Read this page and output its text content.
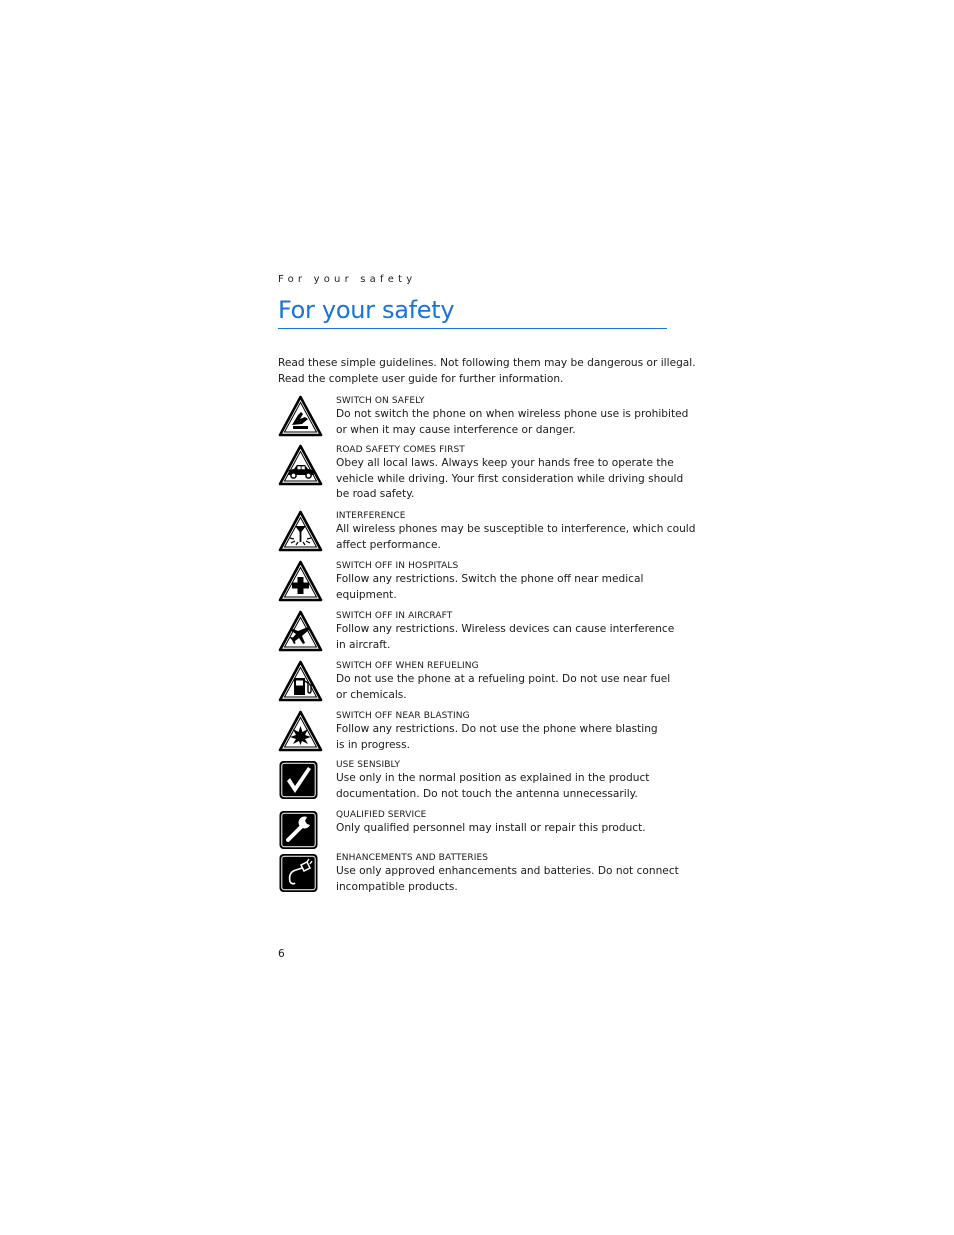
For your safety
For your safety
Read these simple guidelines. Not following them may be dangerous or illegal.
Read the complete user guide for further information.
SWITCH ON SAFELY
Do not switch the phone on when wireless phone use is prohibited
or when it may cause interference or danger.
ROAD SAFETY COMES FIRST
Obey all local laws. Always keep your hands free to operate the
vehicle while driving. Your first consideration while driving should
be road safety.
INTERFERENCE
All wireless phones may be susceptible to interference, which could
affect performance.
SWITCH OFF IN HOSPITALS
Follow any restrictions. Switch the phone off near medical
equipment.
SWITCH OFF IN AIRCRAFT
Follow any restrictions. Wireless devices can cause interference
in aircraft.
SWITCH OFF WHEN REFUELING
Do not use the phone at a refueling point. Do not use near fuel
or chemicals.
SWITCH OFF NEAR BLASTING
Follow any restrictions. Do not use the phone where blasting
is in progress.
USE SENSIBLY
Use only in the normal position as explained in the product
documentation. Do not touch the antenna unnecessarily.
QUALIFIED SERVICE
Only qualified personnel may install or repair this product.
ENHANCEMENTS AND BATTERIES
Use only approved enhancements and batteries. Do not connect
incompatible products.
6
